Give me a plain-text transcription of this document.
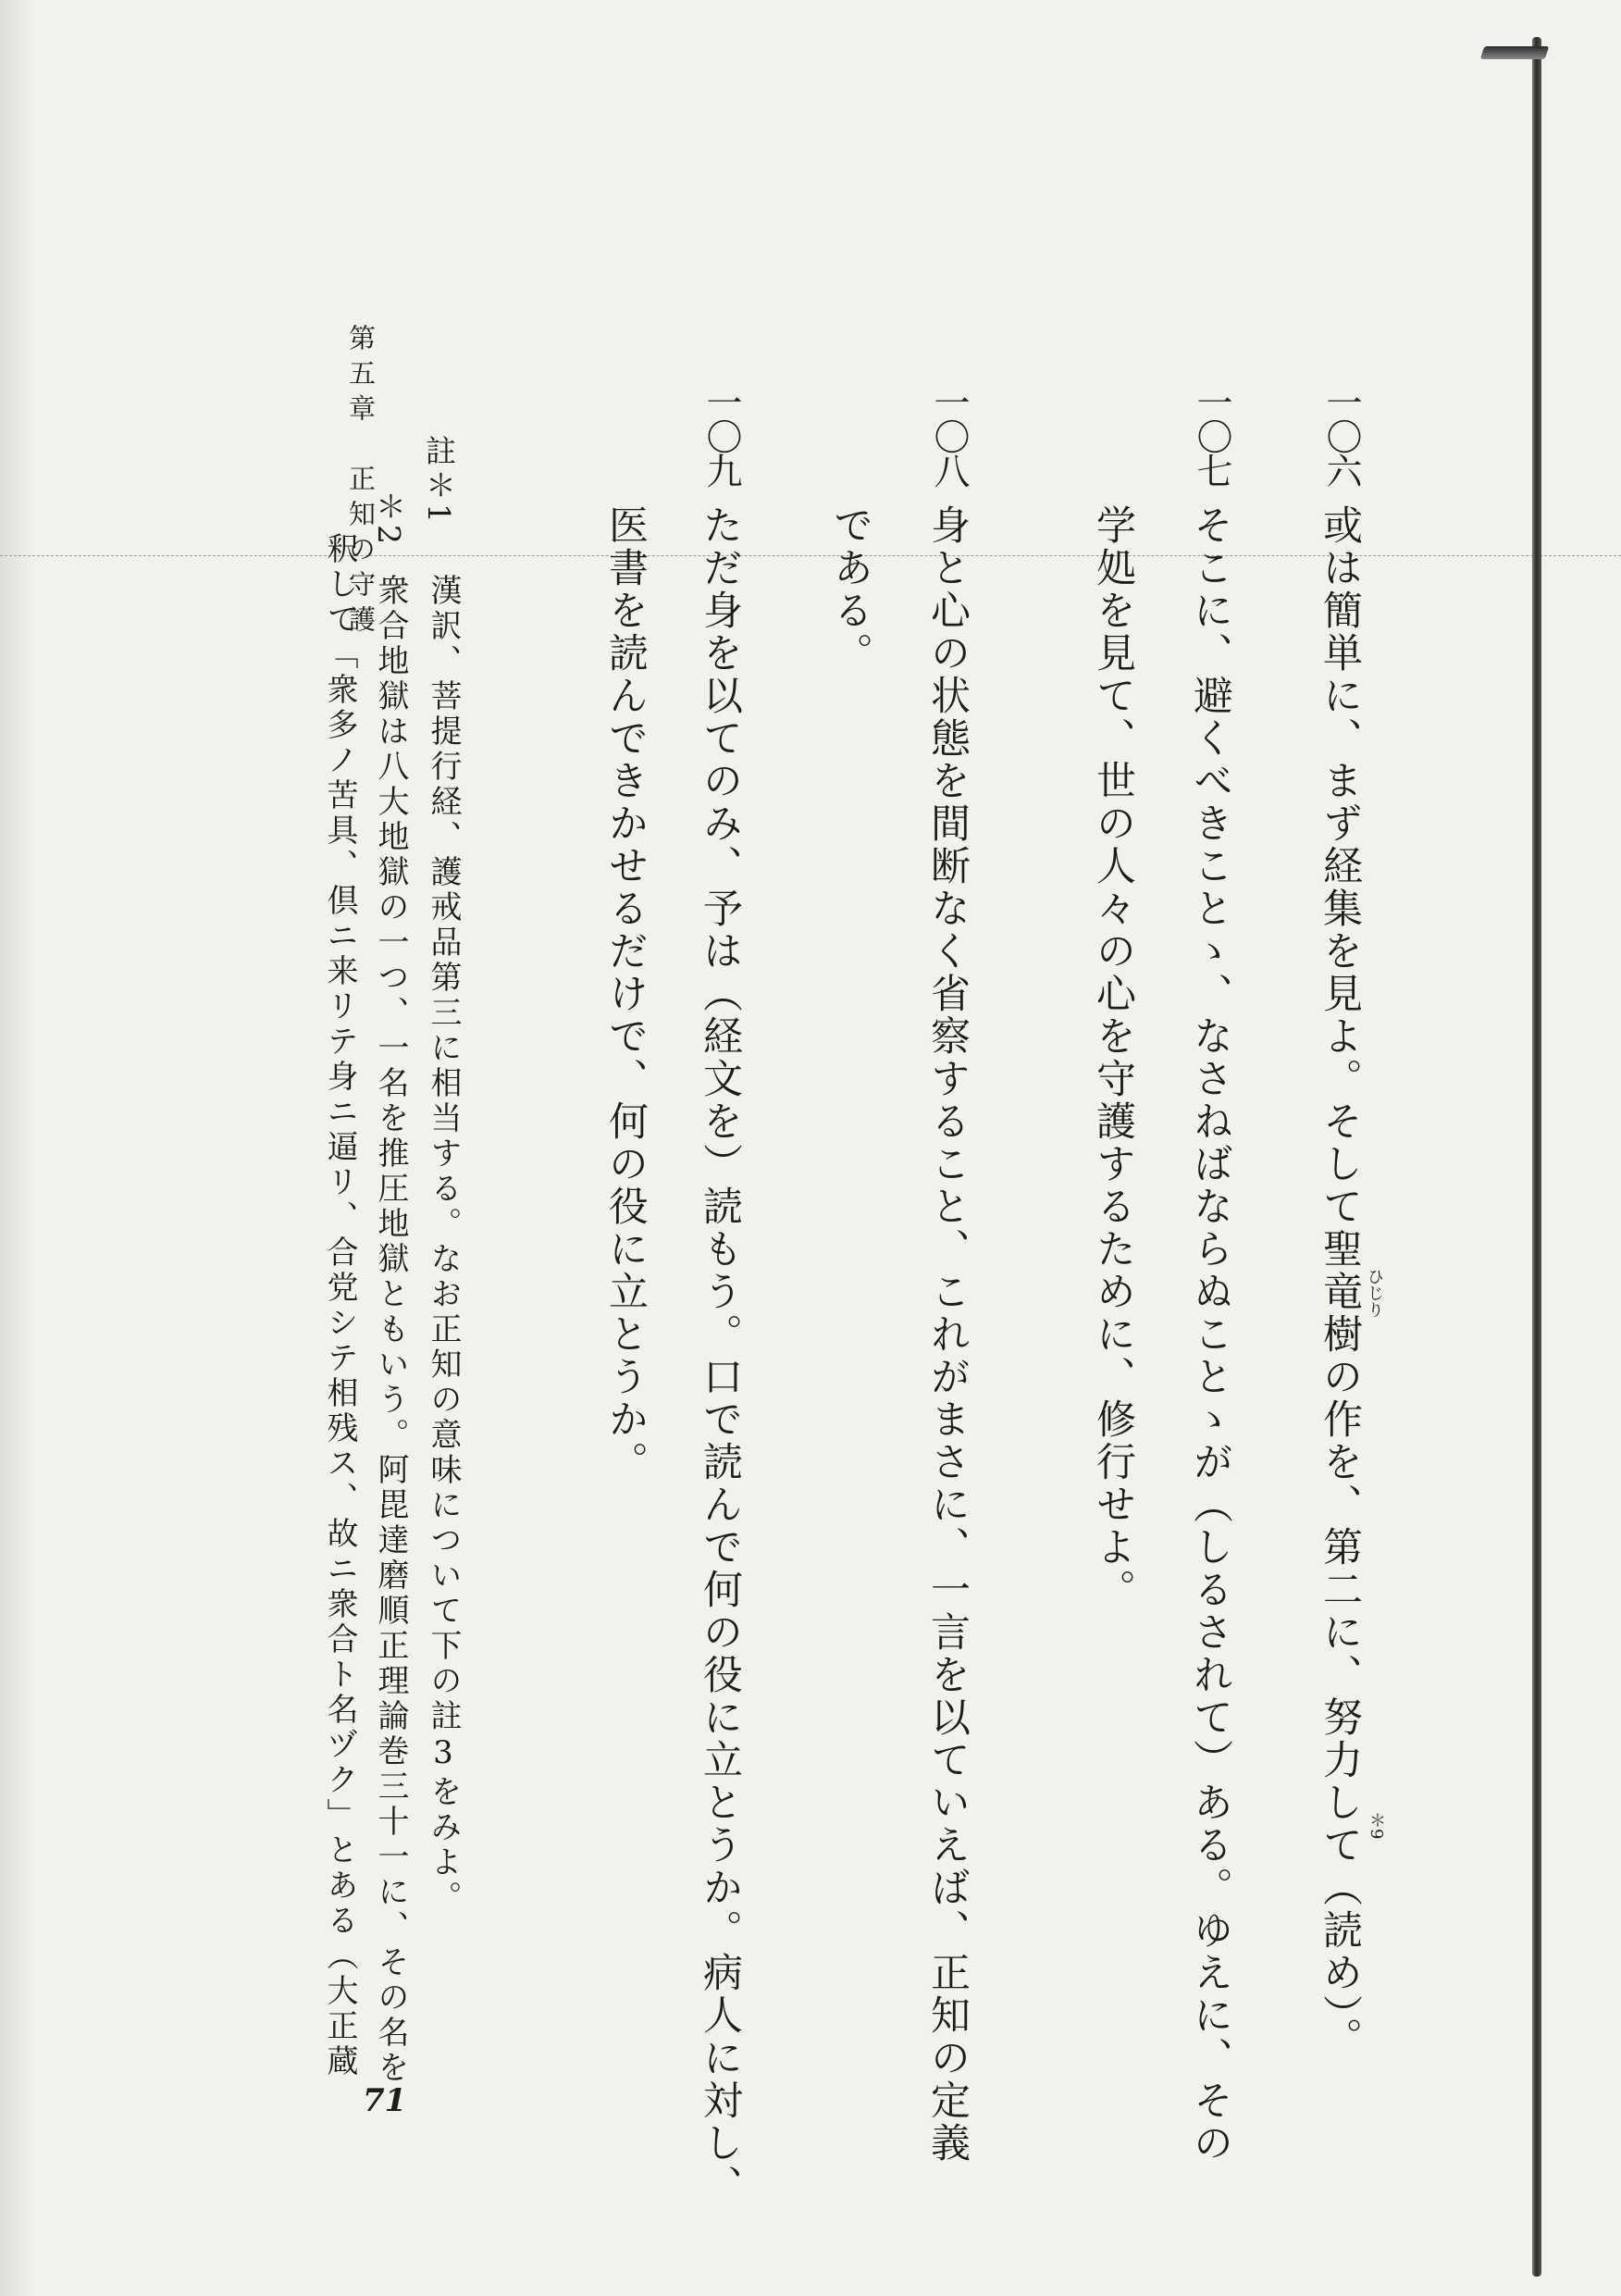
第五章　正知の守護	一〇六
或は簡単に、まず経集を見よ。そして聖竜樹の作を、第二に、努力して（読め）。 ひじり
＊9
一〇七
そこに、避くべきことゝ、なさねばならぬことゝが（しるされて）ある。ゆえに、その
学処を見て、世の人々の心を守護するために、修行せよ。
一〇八
身と心の状態を間断なく省察すること、これがまさに、一言を以ていえば、正知の定義
である。
一〇九
ただ身を以てのみ、予は（経文を）読もう。口で読んで何の役に立とうか。病人に対し、
医書を読んできかせるだけで、何の役に立とうか。
註＊1
漢訳、菩提行経、護戒品第三に相当する。なお正知の意味について下の註3をみよ。
＊2
衆合地獄は八大地獄の一つ、一名を推圧地獄ともいう。阿毘達磨順正理論巻三十一に、その名を
釈して「衆多ノ苦具、倶ニ来リテ身ニ逼リ、合党シテ相残ス、故ニ衆合ト名ヅク」とある（大正蔵
71
